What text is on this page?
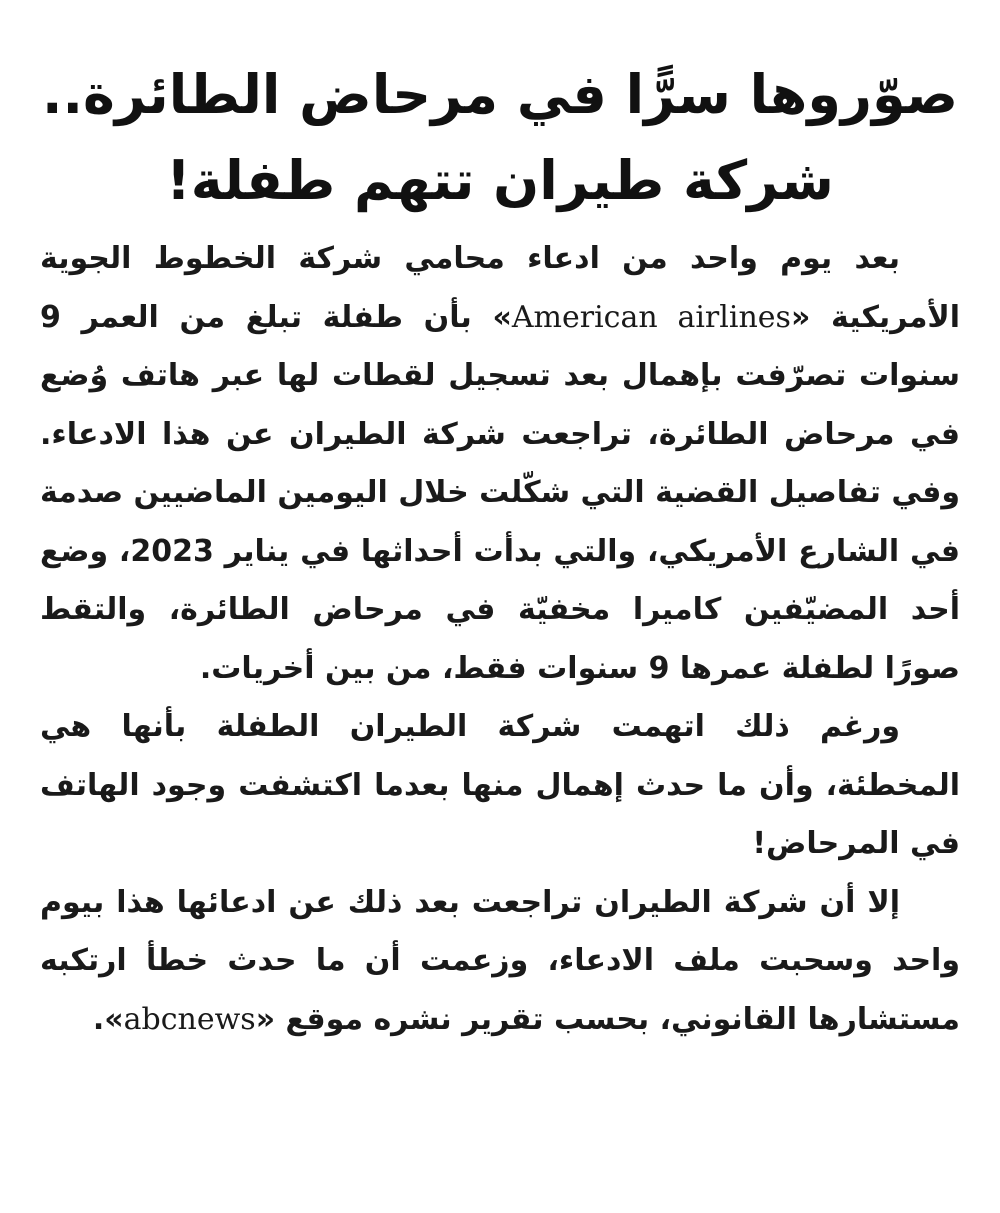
صوّروها سرًّا في مرحاض الطائرة..
شركة طيران تتهم طفلة!

بعد يوم واحد من ادعاء محامي شركة الخطوط الجوية الأمريكية «American airlines» بأن طفلة تبلغ من العمر 9 سنوات تصرّفت بإهمال بعد تسجيل لقطات لها عبر هاتف وُضع في مرحاض الطائرة، تراجعت شركة الطيران عن هذا الادعاء. وفي تفاصيل القضية التي شكّلت خلال اليومين الماضيين صدمة في الشارع الأمريكي، والتي بدأت أحداثها في يناير 2023، وضع أحد المضيّفين كاميرا مخفيّة في مرحاض الطائرة، والتقط صورًا لطفلة عمرها 9 سنوات فقط، من بين أخريات.

ورغم ذلك اتهمت شركة الطيران الطفلة بأنها هي المخطئة، وأن ما حدث إهمال منها بعدما اكتشفت وجود الهاتف في المرحاض!

إلا أن شركة الطيران تراجعت بعد ذلك عن ادعائها هذا بيوم واحد وسحبت ملف الادعاء، وزعمت أن ما حدث خطأ ارتكبه مستشارها القانوني، بحسب تقرير نشره موقع «abcnews».
